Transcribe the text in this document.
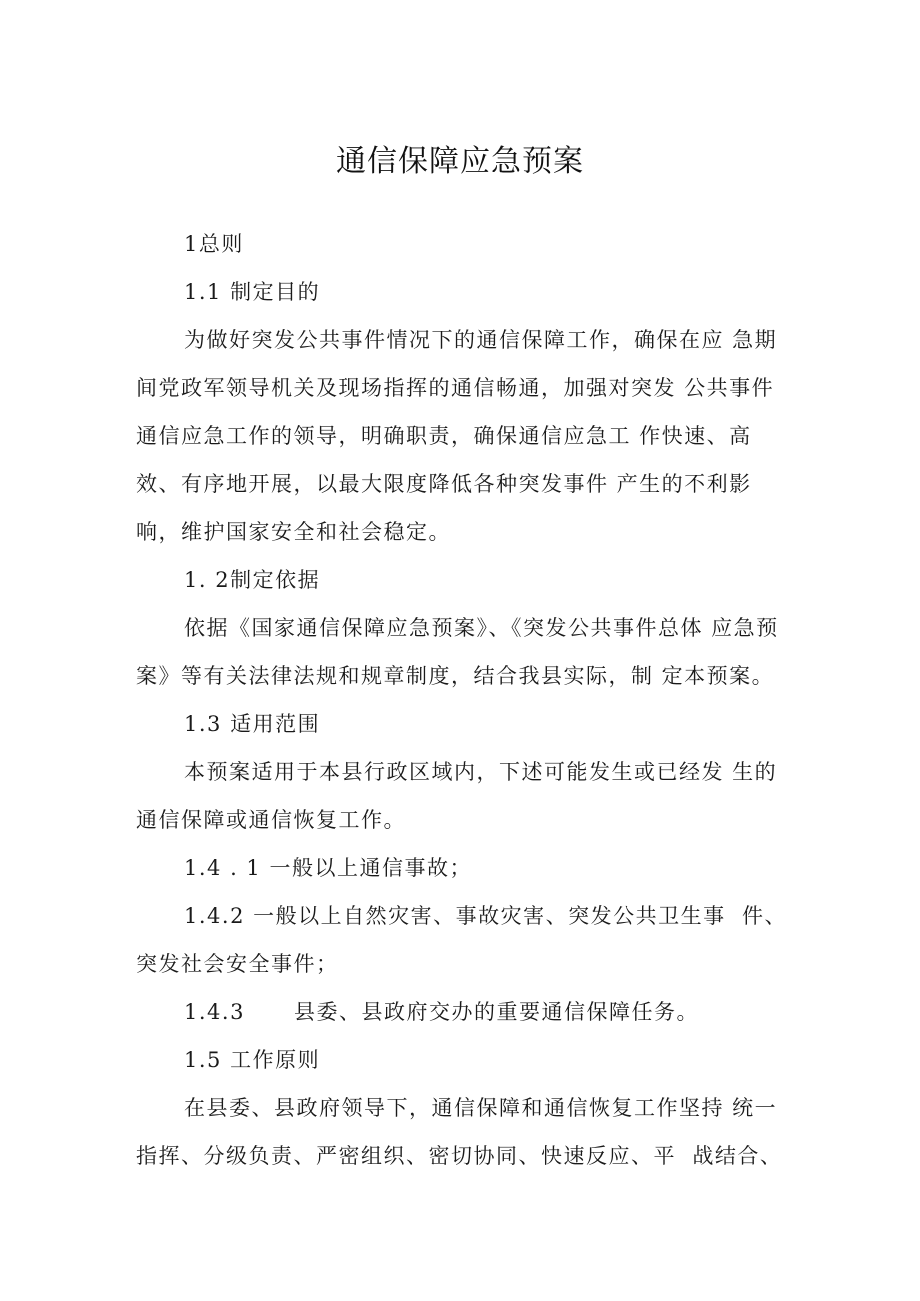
通信保障应急预案

1总则

1.1 制定目的

为做好突发公共事件情况下的通信保障工作，确保在应 急期间党政军领导机关及现场指挥的通信畅通，加强对突发 公共事件通信应急工作的领导，明确职责，确保通信应急工 作快速、高效、有序地开展，以最大限度降低各种突发事件 产生的不利影响，维护国家安全和社会稳定。

1. 2制定依据

依据《国家通信保障应急预案》、《突发公共事件总体 应急预案》等有关法律法规和规章制度，结合我县实际，制 定本预案。

1.3 适用范围

本预案适用于本县行政区域内，下述可能发生或已经发 生的通信保障或通信恢复工作。

1.4 . 1 一般以上通信事故；

1.4.2 一般以上自然灾害、事故灾害、突发公共卫生事  件、突发社会安全事件；

1.4.3      县委、县政府交办的重要通信保障任务。

1.5 工作原则

在县委、县政府领导下，通信保障和通信恢复工作坚持 统一指挥、分级负责、严密组织、密切协同、快速反应、平  战结合、
